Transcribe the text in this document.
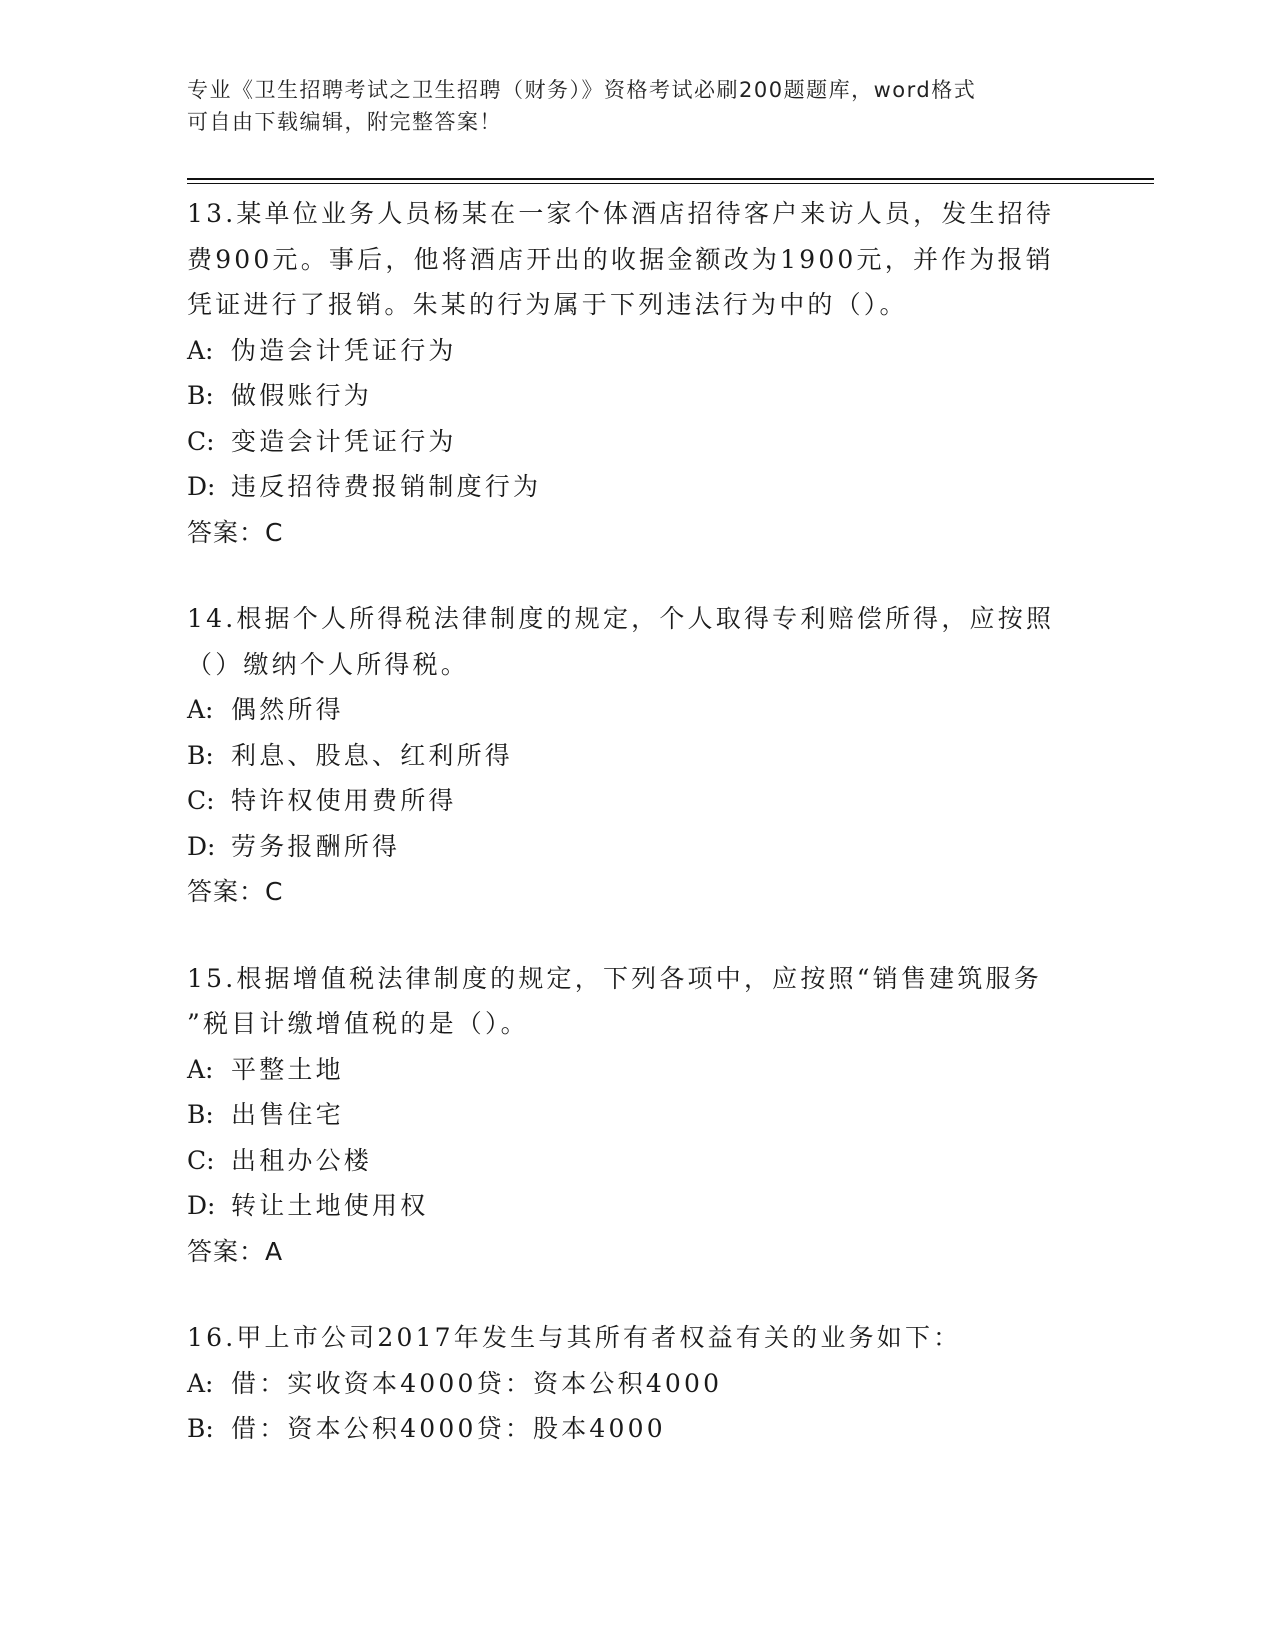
专业《卫生招聘考试之卫生招聘（财务）》资格考试必刷200题题库，word格式
可自由下载编辑，附完整答案！
13.某单位业务人员杨某在一家个体酒店招待客户来访人员，发生招待
费900元。事后，他将酒店开出的收据金额改为1900元，并作为报销
凭证进行了报销。朱某的行为属于下列违法行为中的（）。
A: 伪造会计凭证行为
B: 做假账行为
C: 变造会计凭证行为
D: 违反招待费报销制度行为
答案：C
14.根据个人所得税法律制度的规定，个人取得专利赔偿所得，应按照
（）缴纳个人所得税。
A: 偶然所得
B: 利息、股息、红利所得
C: 特许权使用费所得
D: 劳务报酬所得
答案：C
15.根据增值税法律制度的规定，下列各项中，应按照“销售建筑服务
”税目计缴增值税的是（）。
A: 平整土地
B: 出售住宅
C: 出租办公楼
D: 转让土地使用权
答案：A
16.甲上市公司2017年发生与其所有者权益有关的业务如下：
A: 借：实收资本4000贷：资本公积4000
B: 借：资本公积4000贷：股本4000
